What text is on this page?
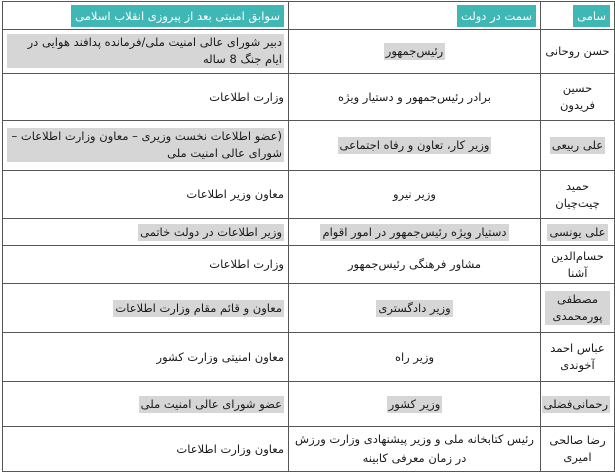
سامی	سمت در دولت	سوابق امنیتی بعد از پیروزی انقلاب اسلامی
حسن روحانی	رئیس‌جمهور	دبیر شورای عالی امنیت ملی/فرمانده پدافند هوایی در ایام جنگ 8 ساله
حسین فریدون	برادر رئیس‌جمهور و دستیار ویژه	وزارت اطلاعات
علی ربیعی	وزیر کار، تعاون و رفاه اجتماعی	(عضو اطلاعات نخست وزیری – معاون وزارت اطلاعات – شورای عالی امنیت ملی
حمید چیت‌چیان	وزیر نیرو	معاون وزیر اطلاعات
علی یونسی	دستیار ویژه رئیس‌جمهور در امور اقوام	وزیر اطلاعات در دولت خاتمی
حسام‌الدین آشنا	مشاور فرهنگی رئیس‌جمهور	وزارت اطلاعات
مصطفی پورمحمدی	وزیر دادگستری	معاون و قائم مقام وزارت اطلاعات
عباس احمد آخوندی	وزیر راه	معاون امنیتی وزارت کشور
رحمانی‌فضلی	وزیر کشور	عضو شورای عالی امنیت ملی
رضا صالحی امیری	رئیس کتابخانه ملی و وزیر پیشنهادی وزارت ورزش در زمان معرفی کابینه	معاون وزارت اطلاعات
